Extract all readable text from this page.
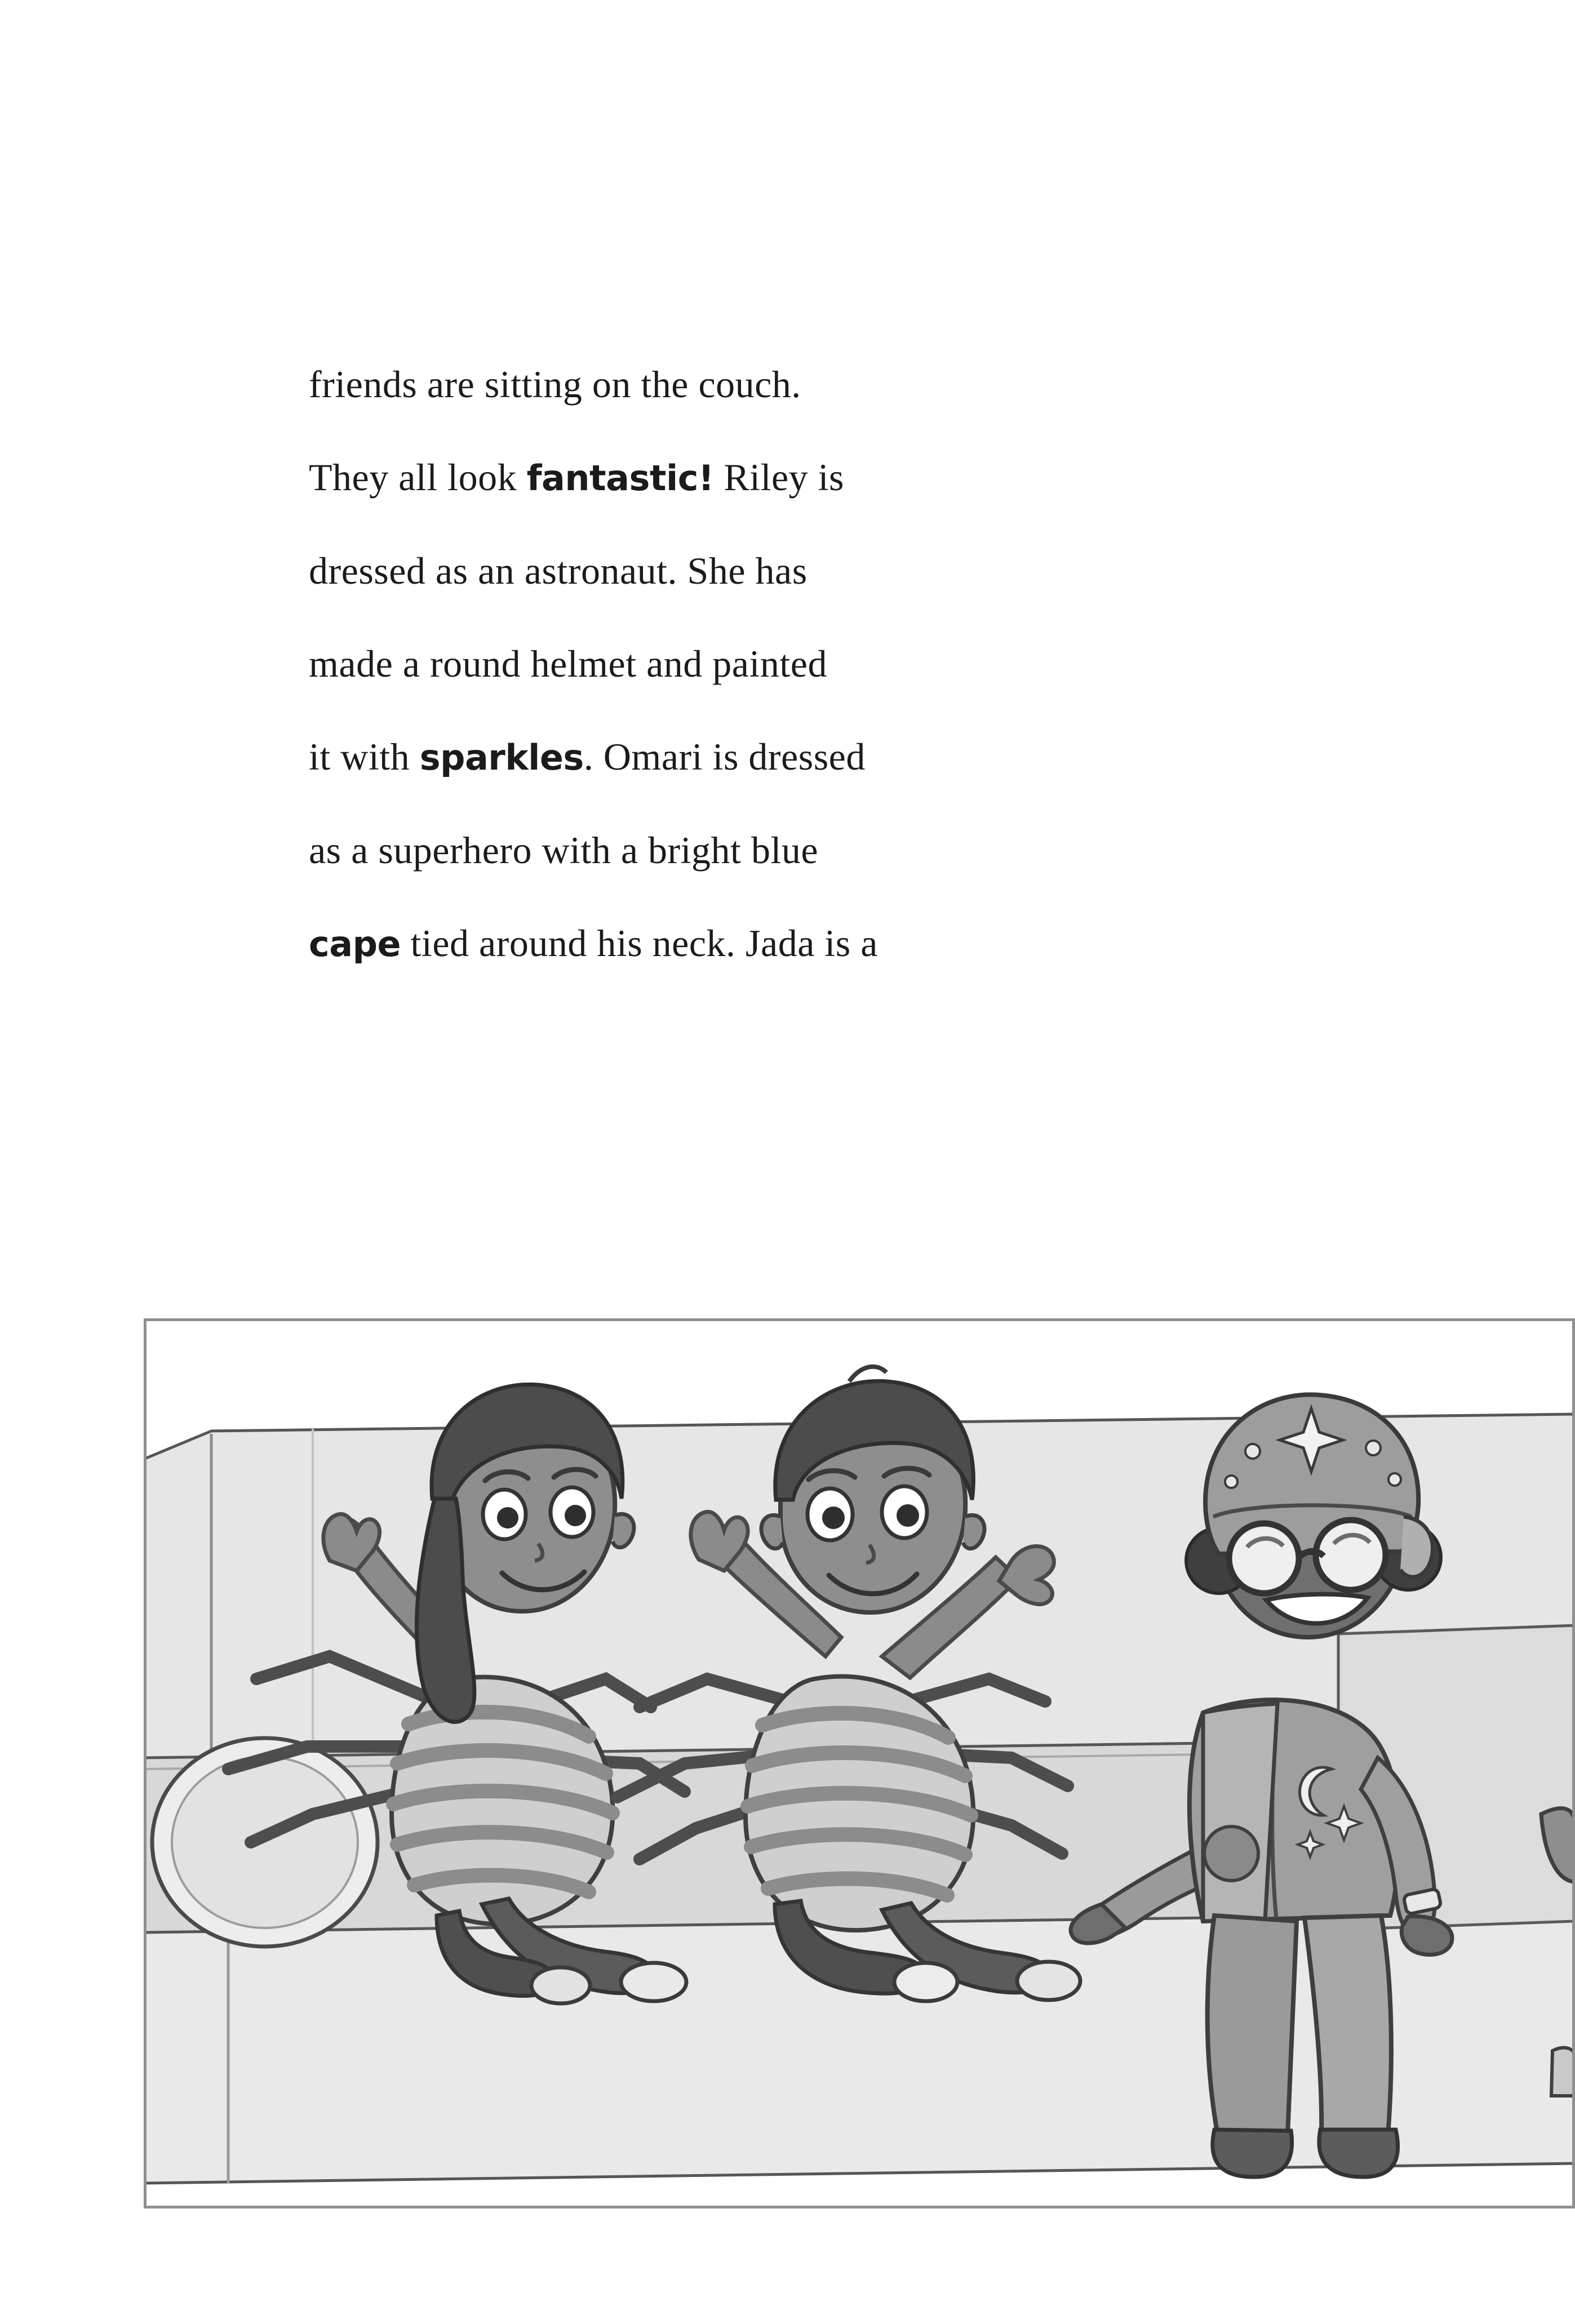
friends are sitting on the couch.

They all look fantastic! Riley is

dressed as an astronaut. She has

made a round helmet and painted

it with sparkles. Omari is dressed

as a superhero with a bright blue

cape tied around his neck. Jada is a
